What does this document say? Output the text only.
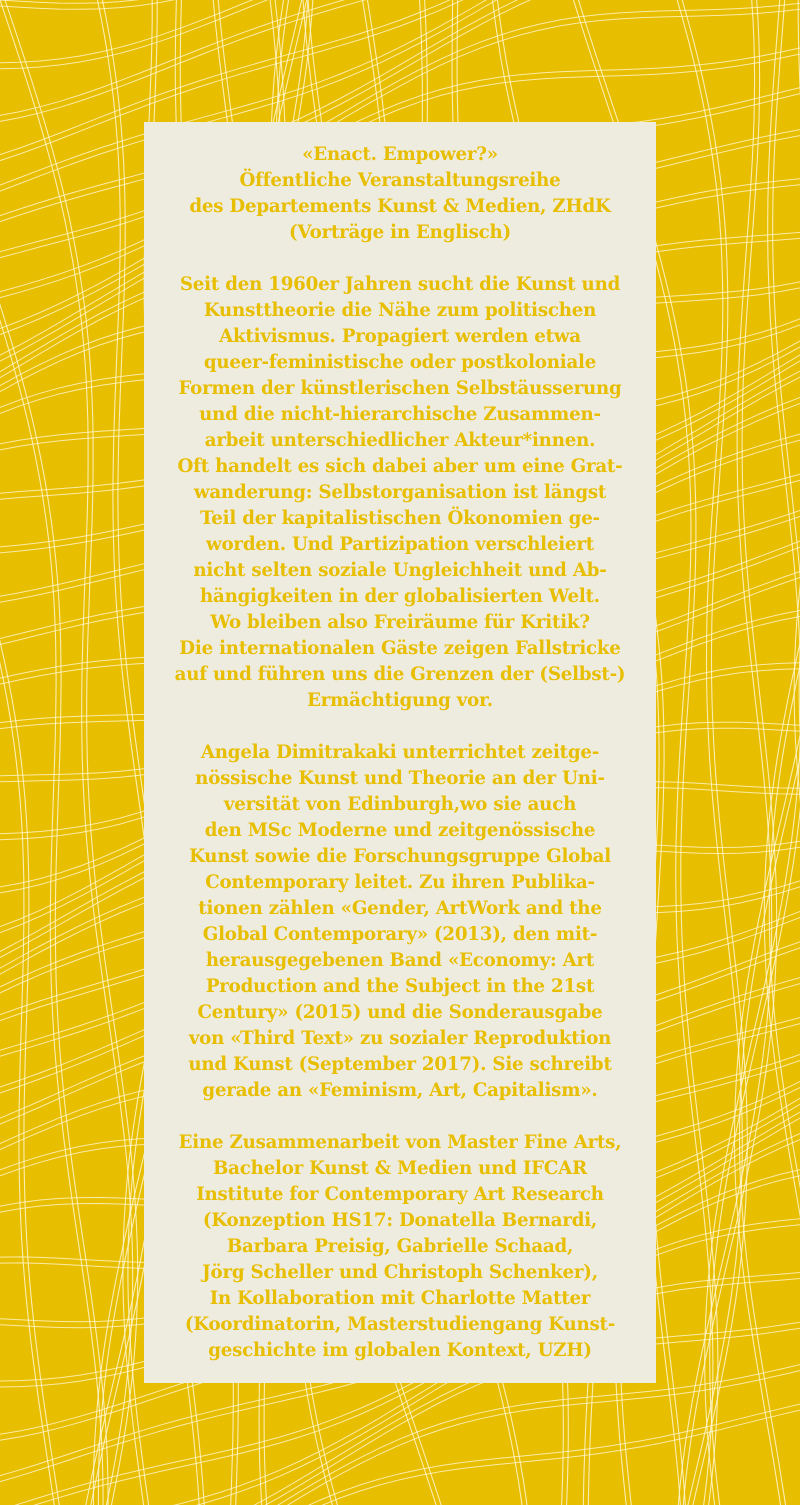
«Enact. Empower?»
Öffentliche Veranstaltungsreihe
des Departements Kunst & Medien, ZHdK
(Vorträge in Englisch)
Seit den 1960er Jahren sucht die Kunst und
Kunsttheorie die Nähe zum politischen
Aktivismus. Propagiert werden etwa
queer-feministische oder postkoloniale
Formen der künstlerischen Selbstäusserung
und die nicht-hierarchische Zusammen-
arbeit unterschiedlicher Akteur*innen.
Oft handelt es sich dabei aber um eine Grat-
wanderung: Selbstorganisation ist längst
Teil der kapitalistischen Ökonomien ge-
worden. Und Partizipation verschleiert
nicht selten soziale Ungleichheit und Ab-
hängigkeiten in der globalisierten Welt.
Wo bleiben also Freiräume für Kritik?
Die internationalen Gäste zeigen Fallstricke
auf und führen uns die Grenzen der (Selbst-)
Ermächtigung vor.
Angela Dimitrakaki unterrichtet zeitge-
nössische Kunst und Theorie an der Uni-
versität von Edinburgh,wo sie auch
den MSc Moderne und zeitgenössische
Kunst sowie die Forschungsgruppe Global
Contemporary leitet. Zu ihren Publika-
tionen zählen «Gender, ArtWork and the
Global Contemporary» (2013), den mit-
herausgegebenen Band «Economy: Art
Production and the Subject in the 21st
Century» (2015) und die Sonderausgabe
von «Third Text» zu sozialer Reproduktion
und Kunst (September 2017). Sie schreibt
gerade an «Feminism, Art, Capitalism».
Eine Zusammenarbeit von Master Fine Arts,
Bachelor Kunst & Medien und IFCAR
Institute for Contemporary Art Research
(Konzeption HS17: Donatella Bernardi,
Barbara Preisig, Gabrielle Schaad,
Jörg Scheller und Christoph Schenker),
In Kollaboration mit Charlotte Matter
(Koordinatorin, Masterstudiengang Kunst-
geschichte im globalen Kontext, UZH)
